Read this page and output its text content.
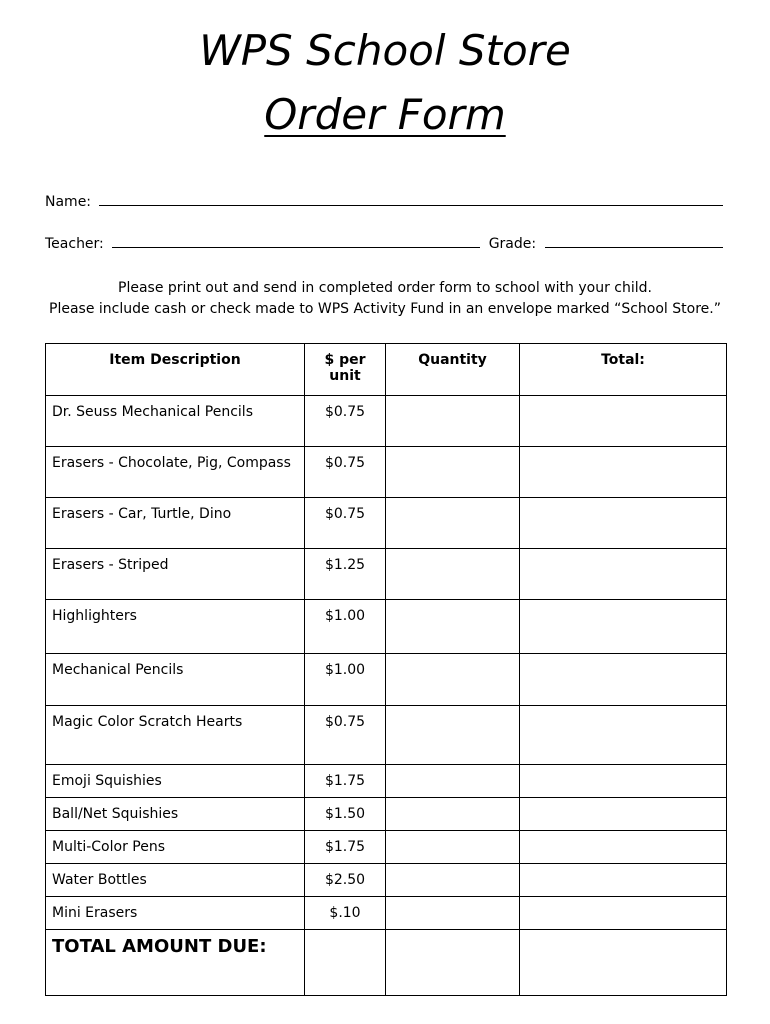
WPS School Store
Order Form
Name:
Teacher:	Grade:
Please print out and send in completed order form to school with your child.
Please include cash or check made to WPS Activity Fund in an envelope marked “School Store.”
Item Description	$ per unit	Quantity	Total:
Dr. Seuss Mechanical Pencils	$0.75		
Erasers - Chocolate, Pig, Compass	$0.75		
Erasers - Car, Turtle, Dino	$0.75		
Erasers - Striped	$1.25		
Highlighters	$1.00		
Mechanical Pencils	$1.00		
Magic Color Scratch Hearts	$0.75		
Emoji Squishies	$1.75		
Ball/Net Squishies	$1.50		
Multi-Color Pens	$1.75		
Water Bottles	$2.50		
Mini Erasers	$.10		
TOTAL AMOUNT DUE:			
